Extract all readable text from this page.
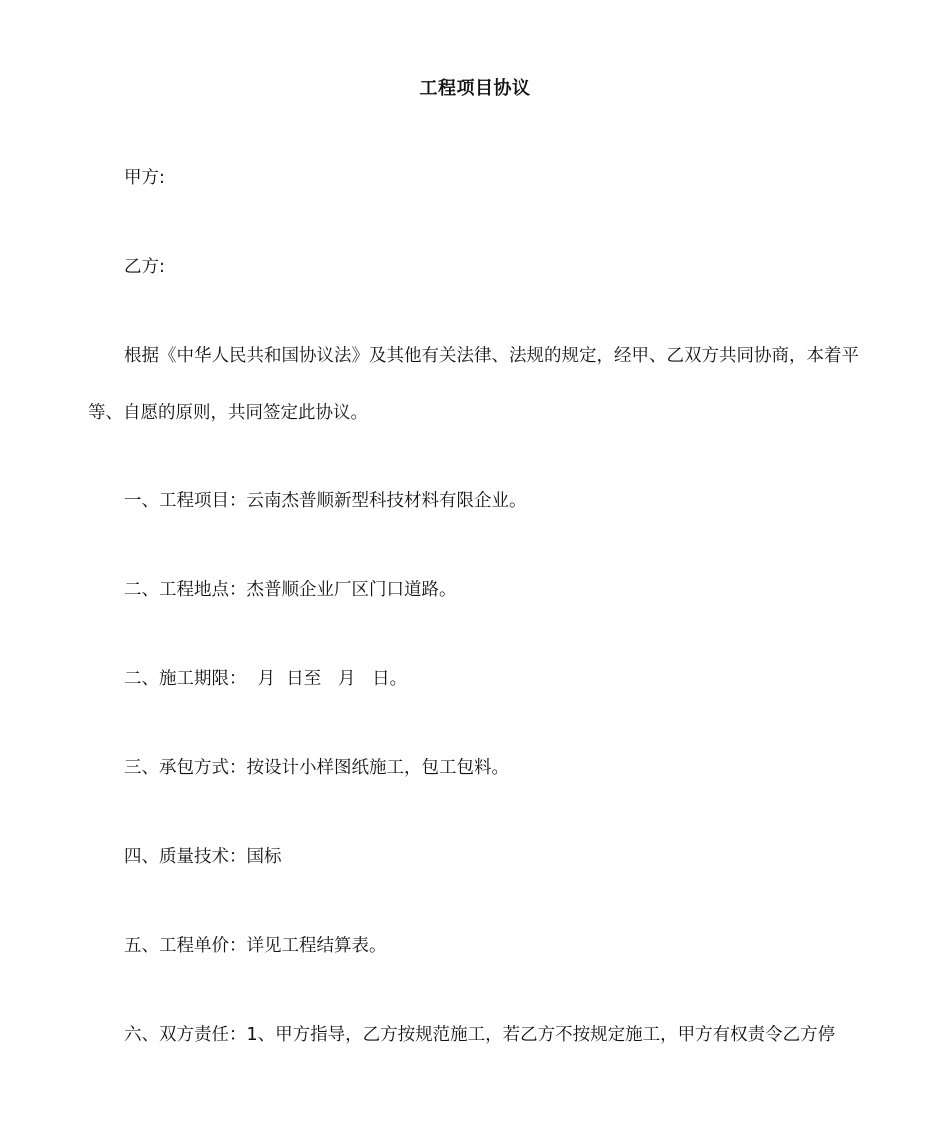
工程项目协议
甲方:
乙方:
根据《中华人民共和国协议法》及其他有关法律、法规的规定，经甲、乙双方共同协商，本着平等、自愿的原则，共同签定此协议。
一、工程项目：云南杰普顺新型科技材料有限企业。
二、工程地点：杰普顺企业厂区门口道路。
二、施工期限：  月  日至   月   日。
三、承包方式：按设计小样图纸施工，包工包料。
四、质量技术：国标
五、工程单价：详见工程结算表。
六、双方责任：1、甲方指导，乙方按规范施工，若乙方不按规定施工，甲方有权责令乙方停
